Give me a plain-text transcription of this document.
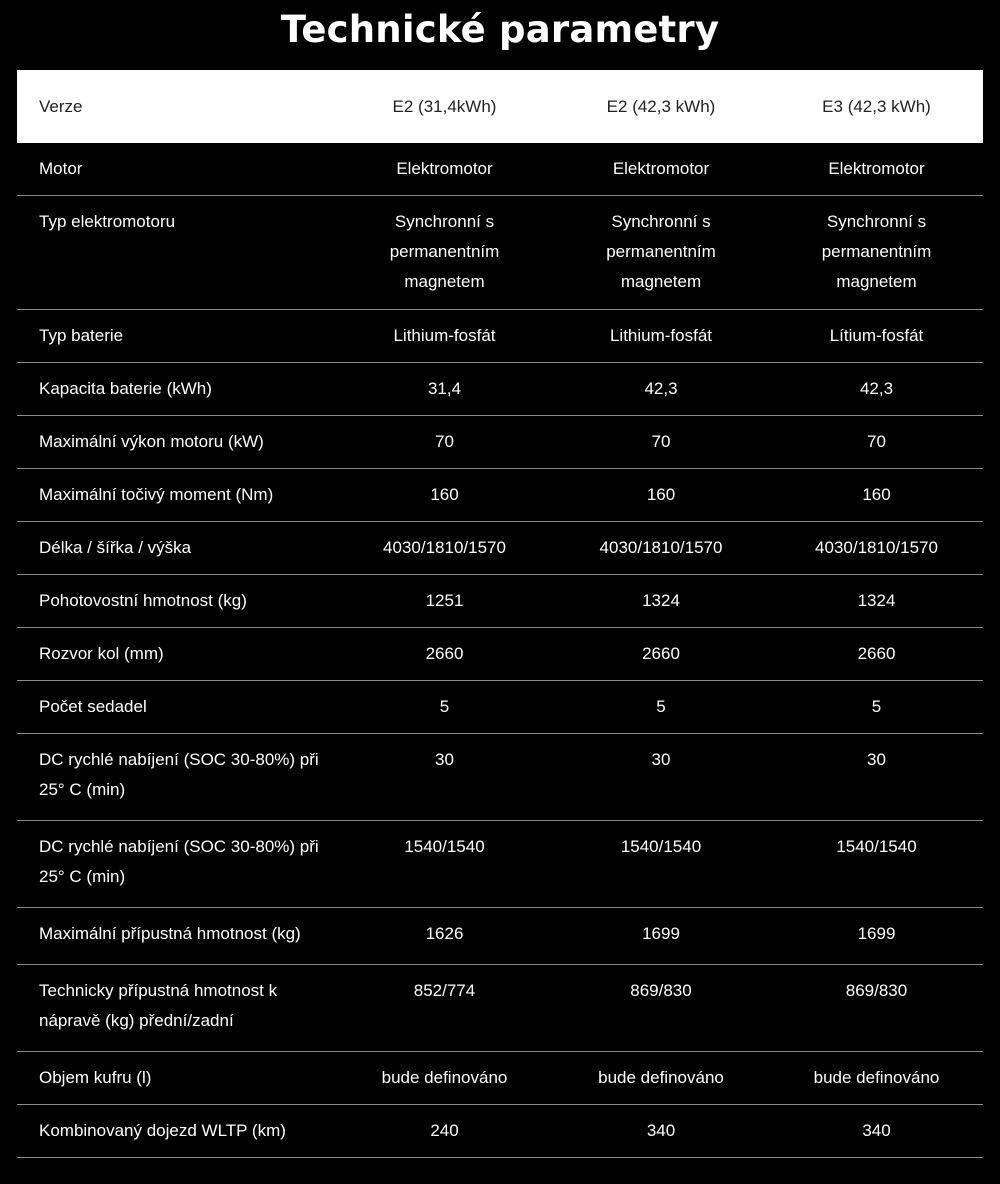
Technické parametry
Verze	E2 (31,4kWh)	E2 (42,3 kWh)	E3 (42,3 kWh)
Motor	Elektromotor	Elektromotor	Elektromotor
Typ elektromotoru	Synchronní s permanentním magnetem	Synchronní s permanentním magnetem	Synchronní s permanentním magnetem
Typ baterie	Lithium-fosfát	Lithium-fosfát	Lítium-fosfát
Kapacita baterie (kWh)	31,4	42,3	42,3
Maximální výkon motoru (kW)	70	70	70
Maximální točivý moment (Nm)	160	160	160
Délka / šířka / výška	4030/1810/1570	4030/1810/1570	4030/1810/1570
Pohotovostní hmotnost (kg)	1251	1324	1324
Rozvor kol (mm)	2660	2660	2660
Počet sedadel	5	5	5
DC rychlé nabíjení (SOC 30-80%) při 25° C (min)	30	30	30
DC rychlé nabíjení (SOC 30-80%) při 25° C (min)	1540/1540	1540/1540	1540/1540
Maximální přípustná hmotnost (kg)	1626	1699	1699
Technicky přípustná hmotnost k nápravě (kg) přední/zadní	852/774	869/830	869/830
Objem kufru (l)	bude definováno	bude definováno	bude definováno
Kombinovaný dojezd WLTP (km)	240	340	340
